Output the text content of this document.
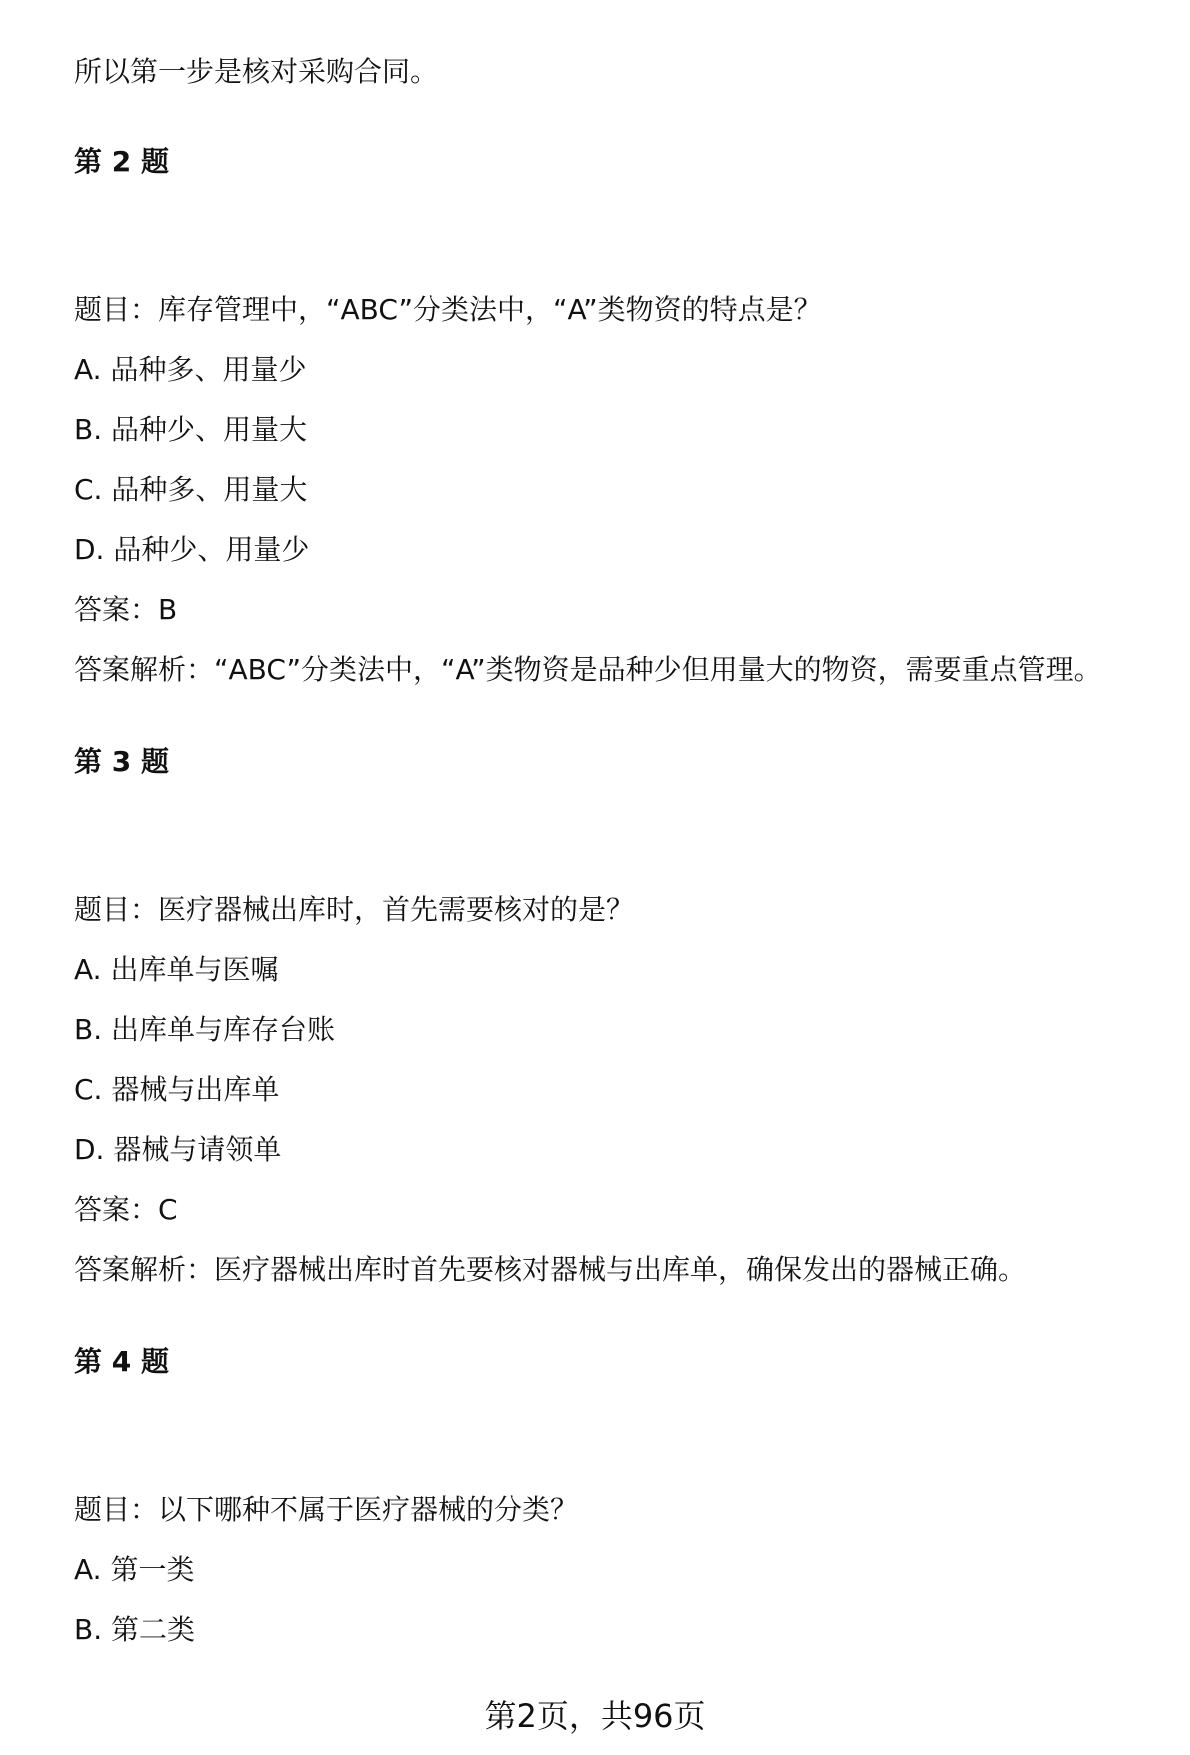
所以第一步是核对采购合同。
第 2 题
题目：库存管理中，“ABC”分类法中，“A”类物资的特点是？
A. 品种多、用量少
B. 品种少、用量大
C. 品种多、用量大
D. 品种少、用量少
答案：B
答案解析：“ABC”分类法中，“A”类物资是品种少但用量大的物资，需要重点管理。
第 3 题
题目：医疗器械出库时，首先需要核对的是？
A. 出库单与医嘱
B. 出库单与库存台账
C. 器械与出库单
D. 器械与请领单
答案：C
答案解析：医疗器械出库时首先要核对器械与出库单，确保发出的器械正确。
第 4 题
题目：以下哪种不属于医疗器械的分类？
A. 第一类
B. 第二类
第2页，共96页
